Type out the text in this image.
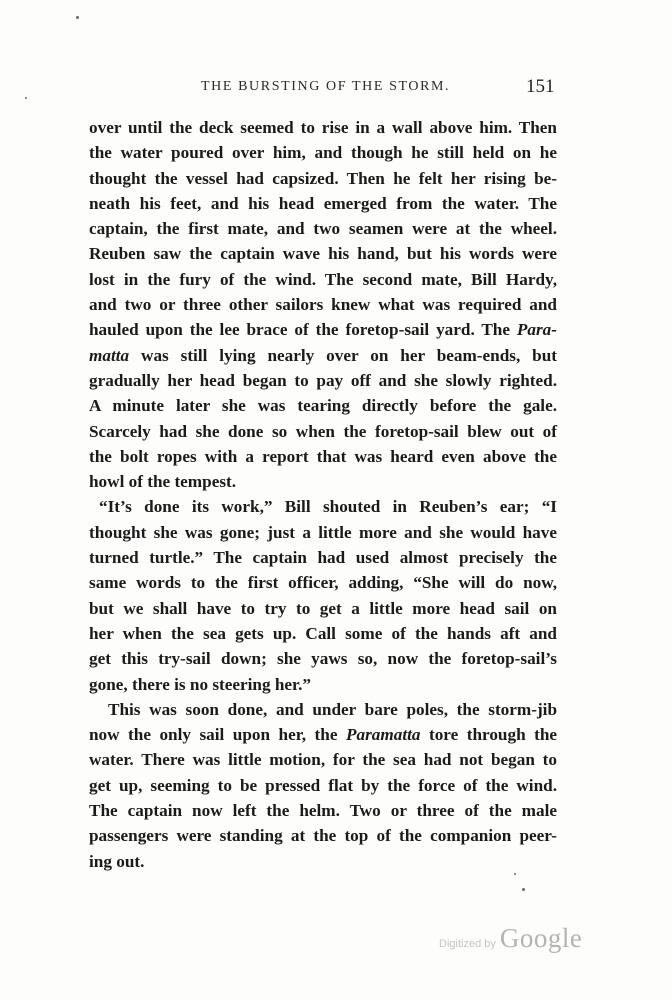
THE BURSTING OF THE STORM.	151
over until the deck seemed to rise in a wall above him. Then
the water poured over him, and though he still held on he
thought the vessel had capsized. Then he felt her rising be-
neath his feet, and his head emerged from the water. The
captain, the first mate, and two seamen were at the wheel.
Reuben saw the captain wave his hand, but his words were
lost in the fury of the wind. The second mate, Bill Hardy,
and two or three other sailors knew what was required and
hauled upon the lee brace of the foretop-sail yard. The Para-
matta was still lying nearly over on her beam-ends, but
gradually her head began to pay off and she slowly righted.
A minute later she was tearing directly before the gale.
Scarcely had she done so when the foretop-sail blew out of
the bolt ropes with a report that was heard even above the
howl of the tempest.
“It’s done its work,” Bill shouted in Reuben’s ear; “I
thought she was gone; just a little more and she would have
turned turtle.” The captain had used almost precisely the
same words to the first officer, adding, “She will do now,
but we shall have to try to get a little more head sail on
her when the sea gets up. Call some of the hands aft and
get this try-sail down; she yaws so, now the foretop-sail’s
gone, there is no steering her.”
This was soon done, and under bare poles, the storm-jib
now the only sail upon her, the Paramatta tore through the
water. There was little motion, for the sea had not began to
get up, seeming to be pressed flat by the force of the wind.
The captain now left the helm. Two or three of the male
passengers were standing at the top of the companion peer-
ing out.
Digitized by Google
